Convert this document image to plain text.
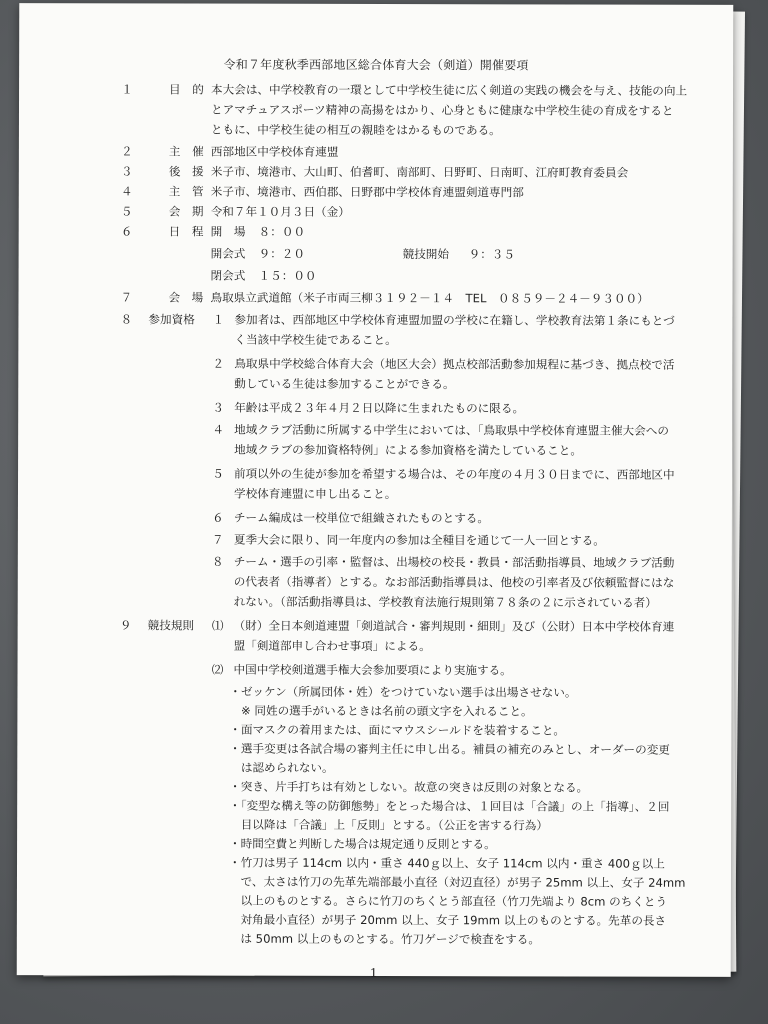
令和７年度秋季西部地区総合体育大会（剣道）開催要項
１	目　的 本大会は、中学校教育の一環として中学校生徒に広く剣道の実践の機会を与え、技能の向上
とアマチュアスポーツ精神の高揚をはかり、心身ともに健康な中学校生徒の育成をすると
ともに、中学校生徒の相互の親睦をはかるものである。
２	主　催 西部地区中学校体育連盟
３	後　援 米子市、境港市、大山町、伯耆町、南部町、日野町、日南町、江府町教育委員会
４	主　管 米子市、境港市、西伯郡、日野郡中学校体育連盟剣道専門部
５	会　期 令和７年１０月３日（金）
６	日　程 開　場 ８：００
開会式 ９：２０	競技開始 ９：３５
閉会式 １５：００
７	会　場 鳥取県立武道館（米子市両三柳３１９２－１４　TEL　０８５９－２４－９３００）
８	参加資格	１ 参加者は、西部地区中学校体育連盟加盟の学校に在籍し、学校教育法第１条にもとづ
く当該中学校生徒であること。
２ 鳥取県中学校総合体育大会（地区大会）拠点校部活動参加規程に基づき、拠点校で活
動している生徒は参加することができる。
３ 年齢は平成２３年４月２日以降に生まれたものに限る。
４ 地域クラブ活動に所属する中学生においては、「鳥取県中学校体育連盟主催大会への
地域クラブの参加資格特例」による参加資格を満たしていること。
５ 前項以外の生徒が参加を希望する場合は、その年度の４月３０日までに、西部地区中
学校体育連盟に申し出ること。
６ チーム編成は一校単位で組織されたものとする。
７ 夏季大会に限り、同一年度内の参加は全種目を通じて一人一回とする。
８ チーム・選手の引率・監督は、出場校の校長・教員・部活動指導員、地域クラブ活動
の代表者（指導者）とする。なお部活動指導員は、他校の引率者及び依頼監督にはな
れない。（部活動指導員は、学校教育法施行規則第７８条の２に示されている者）
９	競技規則	⑴ （財）全日本剣道連盟「剣道試合・審判規則・細則」及び（公財）日本中学校体育連
盟「剣道部申し合わせ事項」による。
⑵ 中国中学校剣道選手権大会参加要項により実施する。
・ゼッケン（所属団体・姓）をつけていない選手は出場させない。
　※ 同姓の選手がいるときは名前の頭文字を入れること。
・面マスクの着用または、面にマウスシールドを装着すること。
・選手変更は各試合場の審判主任に申し出る。補員の補充のみとし、オーダーの変更
　は認められない。
・突き、片手打ちは有効としない。故意の突きは反則の対象となる。
・「変型な構え等の防御態勢」をとった場合は、１回目は「合議」の上「指導」、２回
　目以降は「合議」上「反則」とする。（公正を害する行為）
・時間空費と判断した場合は規定通り反則とする。
1
・竹刀は男子 114cm 以内・重さ 440ｇ以上、女子 114cm 以内・重さ 400ｇ以上
　で、太さは竹刀の先革先端部最小直径（対辺直径）が男子 25mm 以上、女子 24mm
　以上のものとする。さらに竹刀のちくとう部直径（竹刀先端より 8cm のちくとう
　対角最小直径）が男子 20mm 以上、女子 19mm 以上のものとする。先革の長さ
　は 50mm 以上のものとする。竹刀ゲージで検査をする。
